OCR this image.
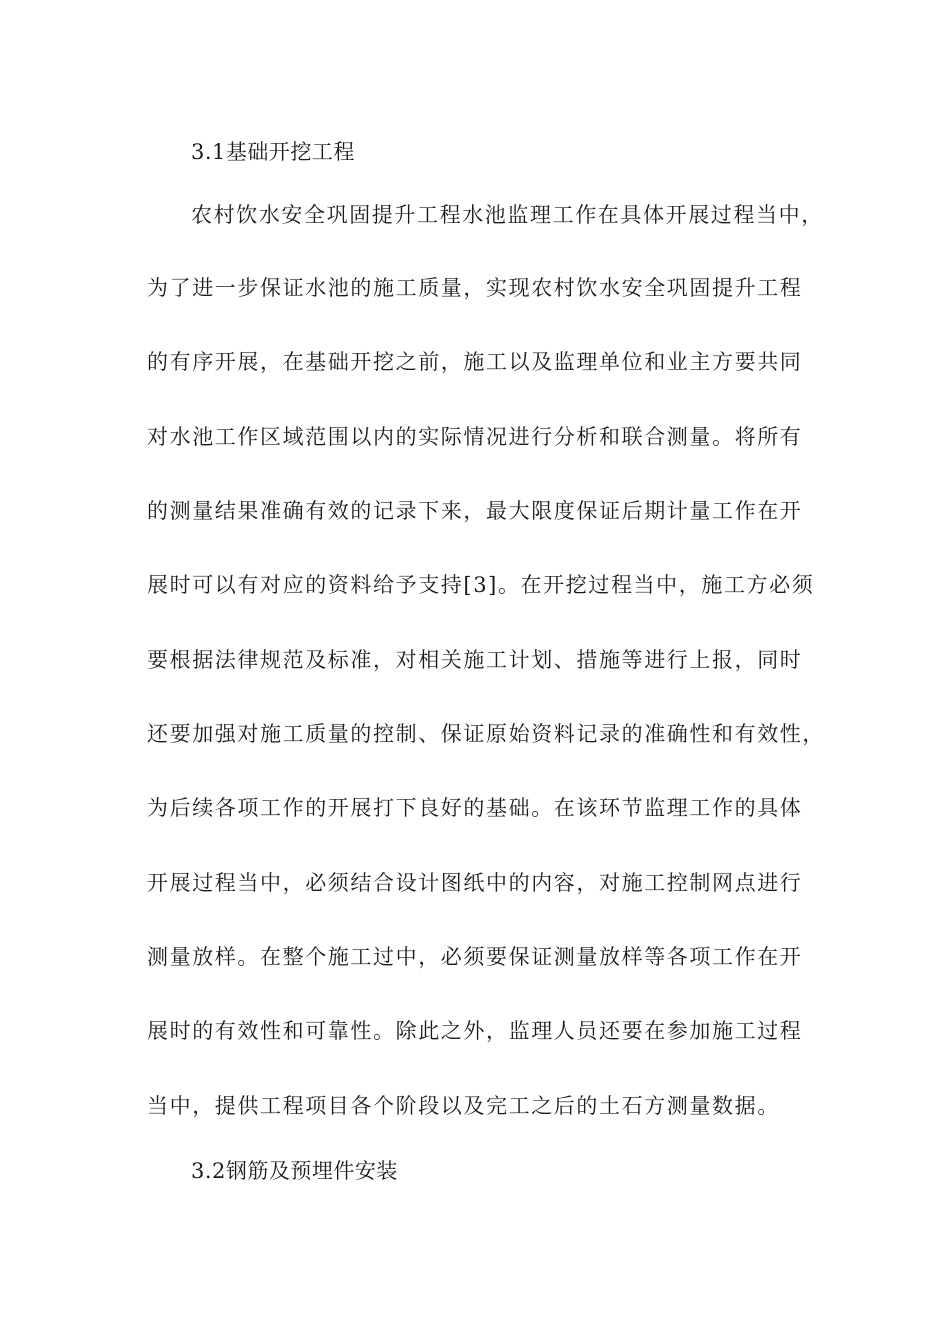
3.1基础开挖工程
农村饮水安全巩固提升工程水池监理工作在具体开展过程当中，
为了进一步保证水池的施工质量，实现农村饮水安全巩固提升工程
的有序开展，在基础开挖之前，施工以及监理单位和业主方要共同
对水池工作区域范围以内的实际情况进行分析和联合测量。将所有
的测量结果准确有效的记录下来，最大限度保证后期计量工作在开
展时可以有对应的资料给予支持[3]。在开挖过程当中，施工方必须
要根据法律规范及标准，对相关施工计划、措施等进行上报，同时
还要加强对施工质量的控制、保证原始资料记录的准确性和有效性，
为后续各项工作的开展打下良好的基础。在该环节监理工作的具体
开展过程当中，必须结合设计图纸中的内容，对施工控制网点进行
测量放样。在整个施工过中，必须要保证测量放样等各项工作在开
展时的有效性和可靠性。除此之外，监理人员还要在参加施工过程
当中，提供工程项目各个阶段以及完工之后的土石方测量数据。
3.2钢筋及预埋件安装
